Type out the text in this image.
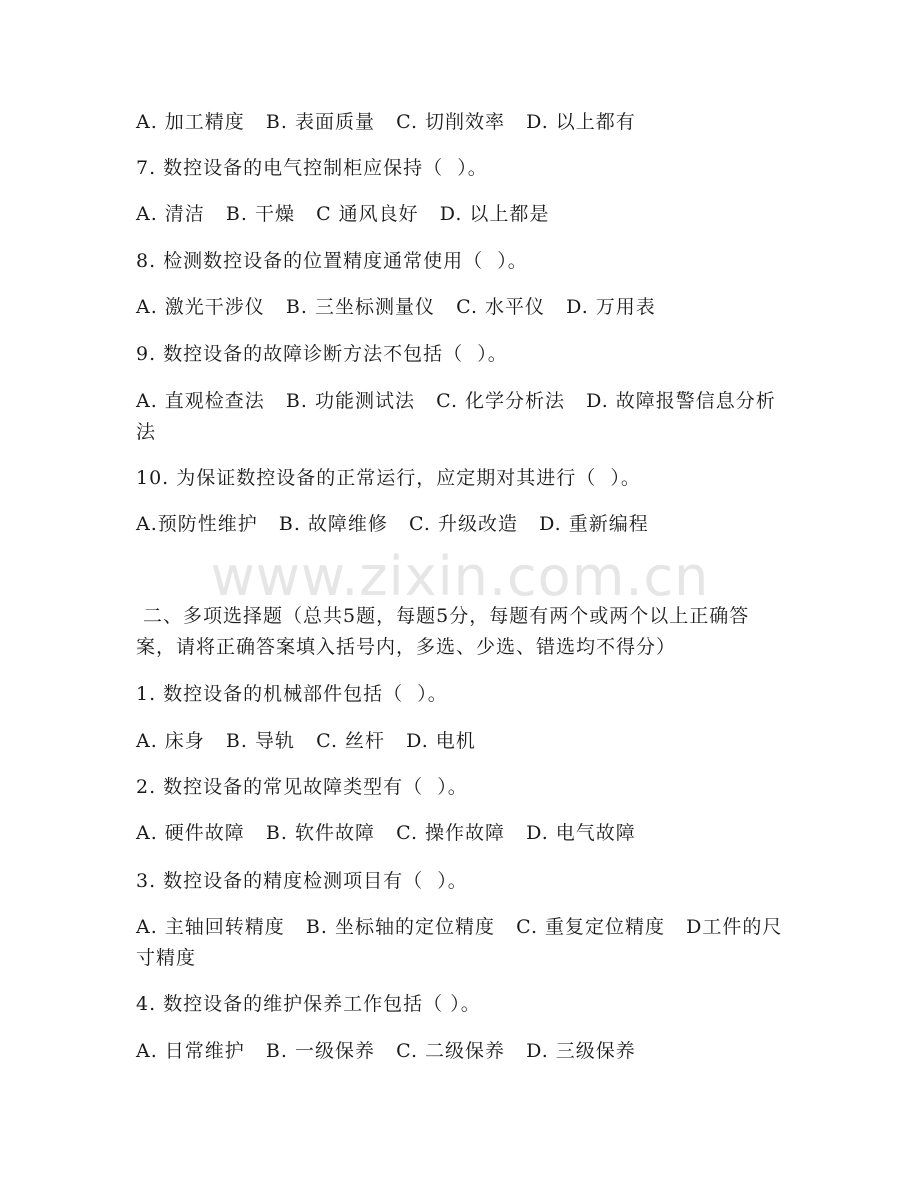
A. 加工精度   B. 表面质量   C. 切削效率   D. 以上都有
7. 数控设备的电气控制柜应保持（  ）。
A. 清洁   B. 干燥   C 通风良好   D. 以上都是
8. 检测数控设备的位置精度通常使用（  ）。
A. 激光干涉仪   B. 三坐标测量仪   C. 水平仪   D. 万用表
9. 数控设备的故障诊断方法不包括（  ）。
A. 直观检查法   B. 功能测试法   C. 化学分析法   D. 故障报警信息分析法
10. 为保证数控设备的正常运行，应定期对其进行（  ）。
A.预防性维护   B. 故障维修   C. 升级改造   D. 重新编程
二、多项选择题（总共5题，每题5分，每题有两个或两个以上正确答案，请将正确答案填入括号内，多选、少选、错选均不得分）
1. 数控设备的机械部件包括（  ）。
A. 床身   B. 导轨   C. 丝杆   D. 电机
2. 数控设备的常见故障类型有（  ）。
A. 硬件故障   B. 软件故障   C. 操作故障   D. 电气故障
3. 数控设备的精度检测项目有（  ）。
A. 主轴回转精度   B. 坐标轴的定位精度   C. 重复定位精度   D工件的尺寸精度
4. 数控设备的维护保养工作包括（ ）。
A. 日常维护   B. 一级保养   C. 二级保养   D. 三级保养
www.zixin.com.cn
